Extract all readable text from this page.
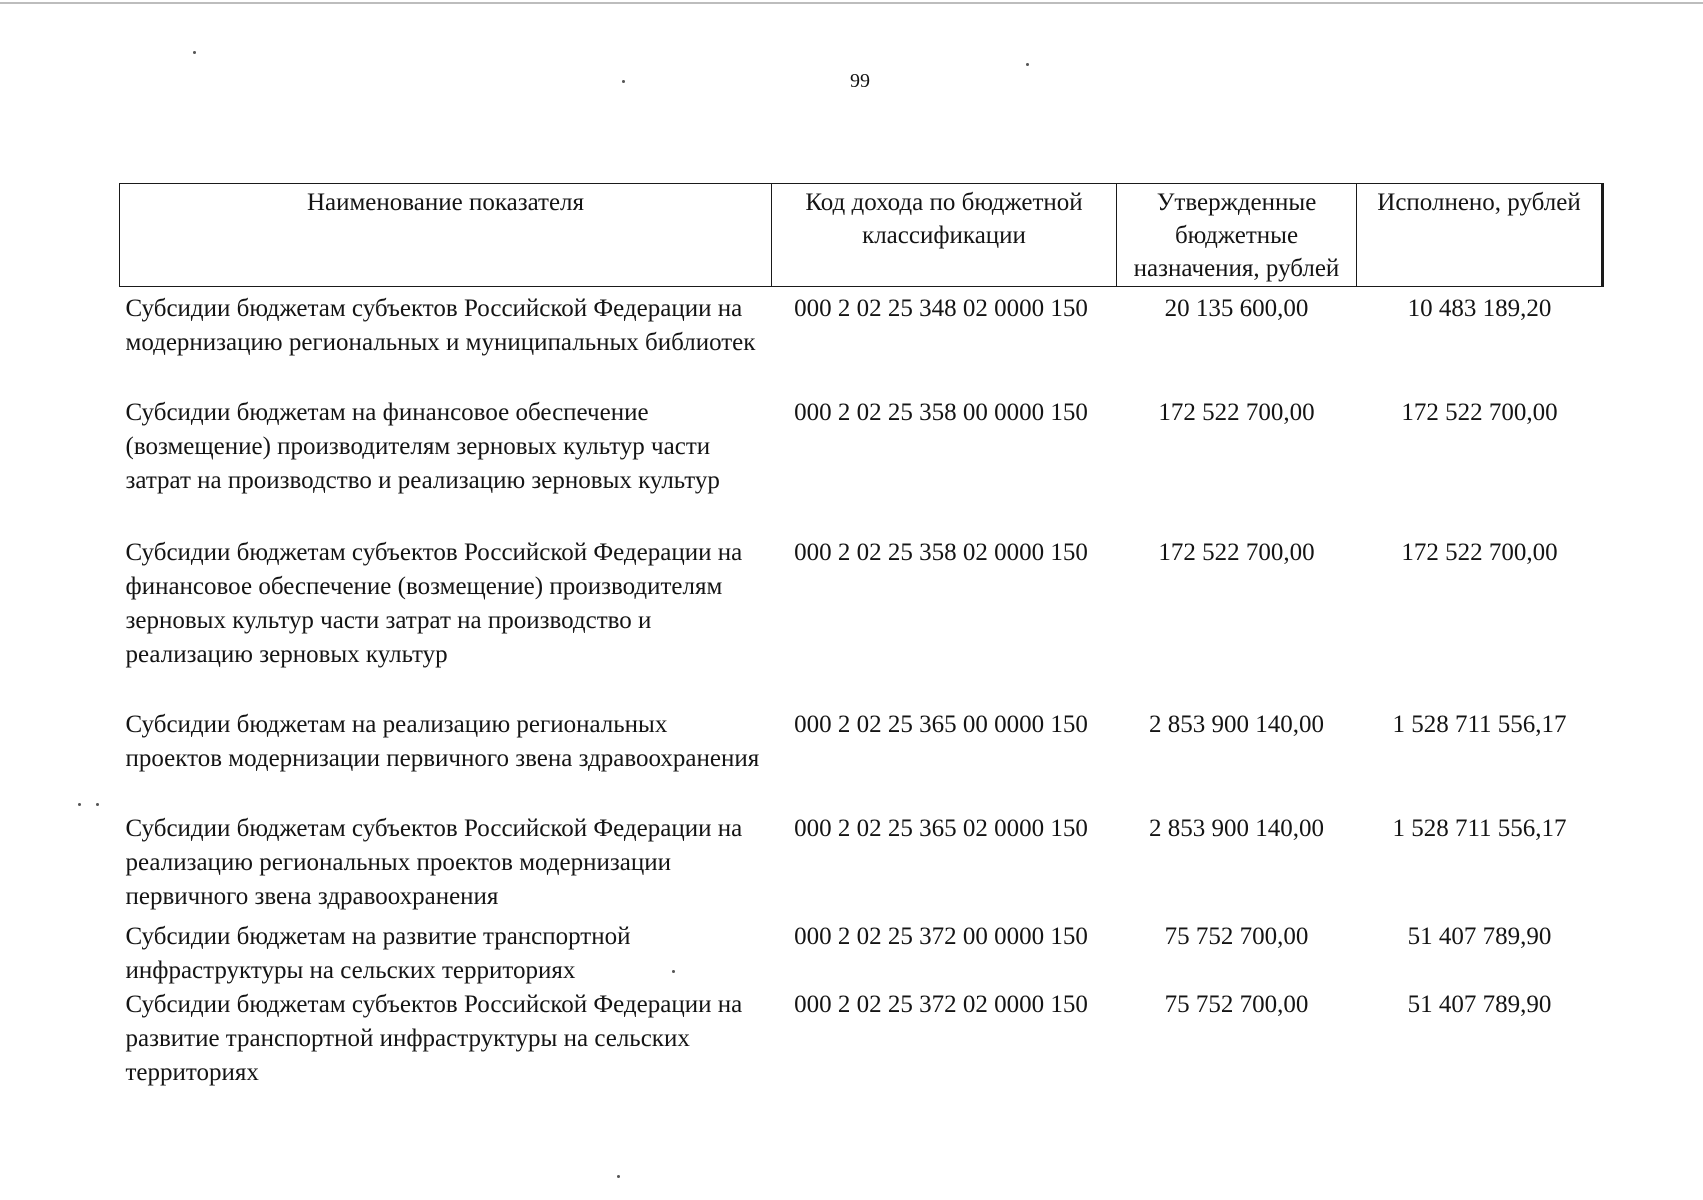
99
Наименование показателя	Код дохода по бюджетной классификации	Утвержденные бюджетные назначения, рублей	Исполнено, рублей
Субсидии бюджетам субъектов Российской Федерации на модернизацию региональных и муниципальных библиотек	000 2 02 25 348 02 0000 150	20 135 600,00	10 483 189,20
Субсидии бюджетам на финансовое обеспечение (возмещение) производителям зерновых культур части затрат на производство и реализацию зерновых культур	000 2 02 25 358 00 0000 150	172 522 700,00	172 522 700,00
Субсидии бюджетам субъектов Российской Федерации на финансовое обеспечение (возмещение) производителям зерновых культур части затрат на производство и реализацию зерновых культур	000 2 02 25 358 02 0000 150	172 522 700,00	172 522 700,00
Субсидии бюджетам на реализацию региональных проектов модернизации первичного звена здравоохранения	000 2 02 25 365 00 0000 150	2 853 900 140,00	1 528 711 556,17
Субсидии бюджетам субъектов Российской Федерации на реализацию региональных проектов модернизации первичного звена здравоохранения	000 2 02 25 365 02 0000 150	2 853 900 140,00	1 528 711 556,17
Субсидии бюджетам на развитие транспортной инфраструктуры на сельских территориях	000 2 02 25 372 00 0000 150	75 752 700,00	51 407 789,90
Субсидии бюджетам субъектов Российской Федерации на развитие транспортной инфраструктуры на сельских территориях	000 2 02 25 372 02 0000 150	75 752 700,00	51 407 789,90
